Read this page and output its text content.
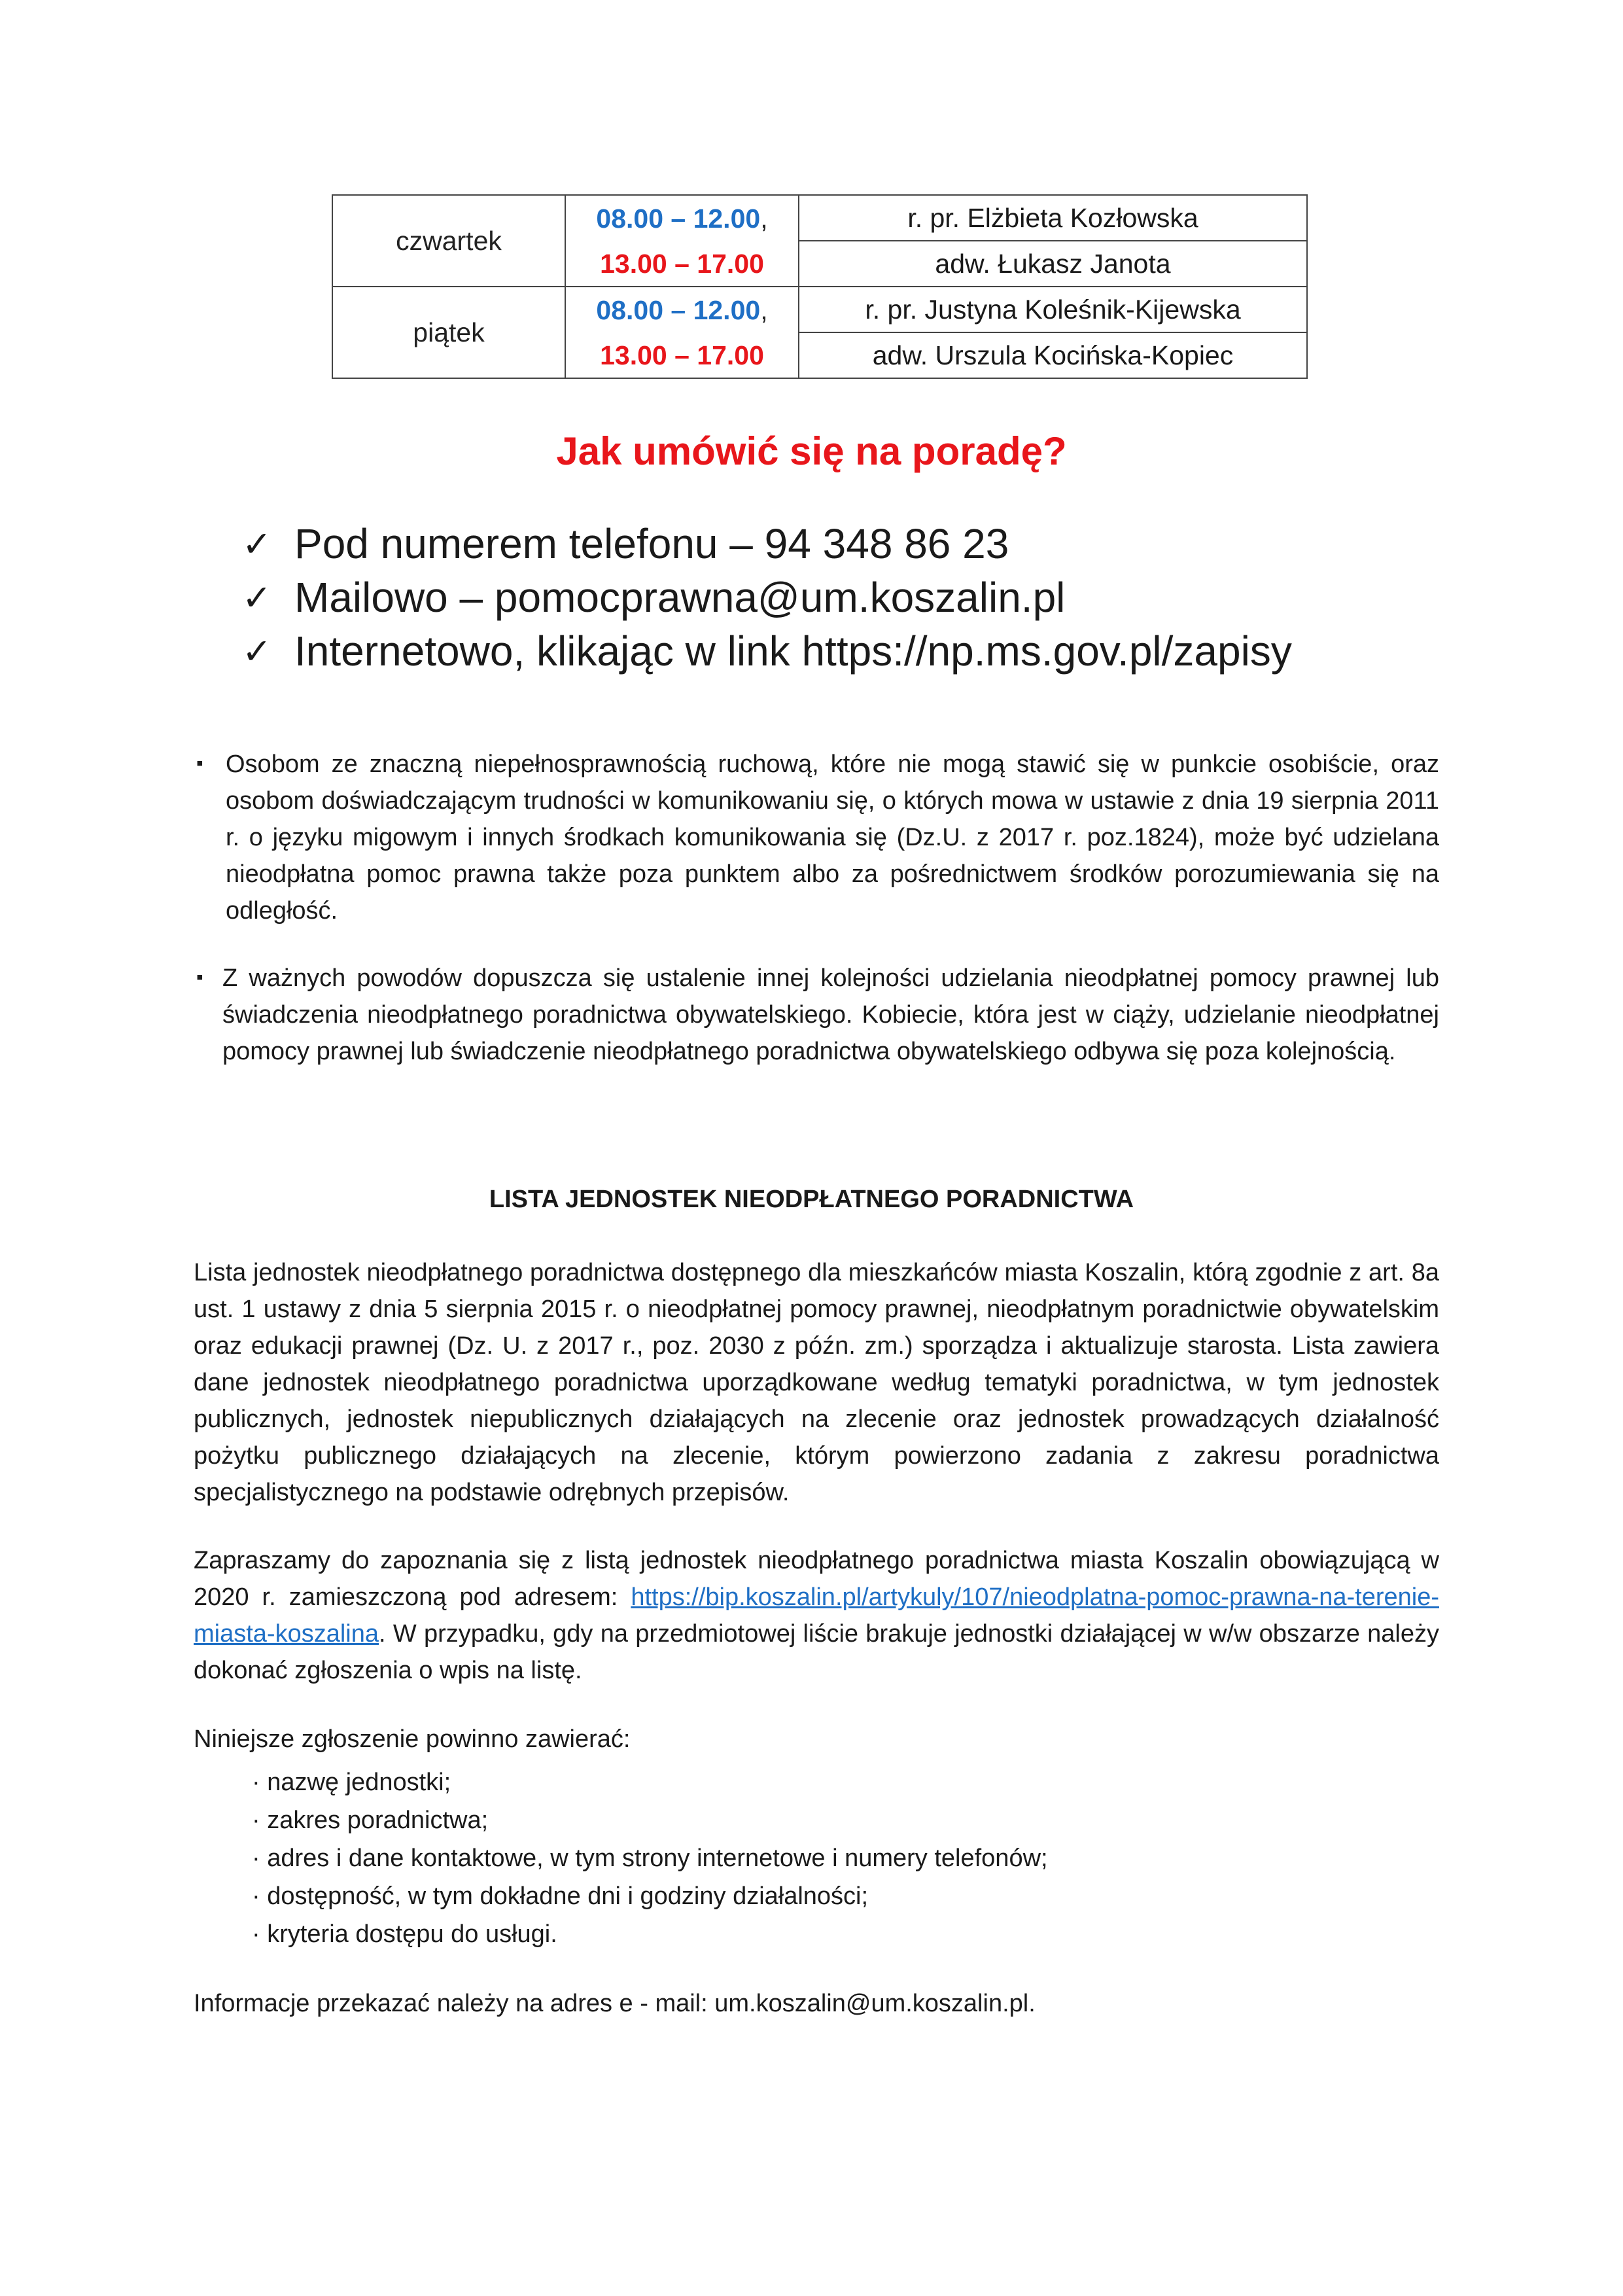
czwartek	08.00 – 12.00,	r. pr. Elżbieta Kozłowska
	13.00 – 17.00	adw. Łukasz Janota
piątek	08.00 – 12.00,	r. pr. Justyna Koleśnik-Kijewska
	13.00 – 17.00	adw. Urszula Kocińska-Kopiec
Jak umówić się na poradę?
✓ Pod numerem telefonu – 94 348 86 23
✓ Mailowo – pomocprawna@um.koszalin.pl
✓ Internetowo, klikając w link https://np.ms.gov.pl/zapisy
▪ Osobom ze znaczną niepełnosprawnością ruchową, które nie mogą stawić się w punkcie osobiście, oraz osobom doświadczającym trudności w komunikowaniu się, o których mowa w ustawie z dnia 19 sierpnia 2011 r. o języku migowym i innych środkach komunikowania się (Dz.U. z 2017 r. poz.1824), może być udzielana nieodpłatna pomoc prawna także poza punktem albo za pośrednictwem środków porozumiewania się na odległość.
▪ Z ważnych powodów dopuszcza się ustalenie innej kolejności udzielania nieodpłatnej pomocy prawnej lub świadczenia nieodpłatnego poradnictwa obywatelskiego. Kobiecie, która jest w ciąży, udzielanie nieodpłatnej pomocy prawnej lub świadczenie nieodpłatnego poradnictwa obywatelskiego odbywa się poza kolejnością.
LISTA JEDNOSTEK NIEODPŁATNEGO PORADNICTWA
Lista jednostek nieodpłatnego poradnictwa dostępnego dla mieszkańców miasta Koszalin, którą zgodnie z art. 8a ust. 1 ustawy z dnia 5 sierpnia 2015 r. o nieodpłatnej pomocy prawnej, nieodpłatnym poradnictwie obywatelskim oraz edukacji prawnej (Dz. U. z 2017 r., poz. 2030 z późn. zm.) sporządza i aktualizuje starosta. Lista zawiera dane jednostek nieodpłatnego poradnictwa uporządkowane według tematyki poradnictwa, w tym jednostek publicznych, jednostek niepublicznych działających na zlecenie oraz jednostek prowadzących działalność pożytku publicznego działających na zlecenie, którym powierzono zadania z zakresu poradnictwa specjalistycznego na podstawie odrębnych przepisów.
Zapraszamy do zapoznania się z listą jednostek nieodpłatnego poradnictwa miasta Koszalin obowiązującą w 2020 r. zamieszczoną pod adresem: https://bip.koszalin.pl/artykuly/107/nieodplatna-pomoc-prawna-na-terenie-miasta-koszalina. W przypadku, gdy na przedmiotowej liście brakuje jednostki działającej w w/w obszarze należy dokonać zgłoszenia o wpis na listę.
Niniejsze zgłoszenie powinno zawierać:
· nazwę jednostki;
· zakres poradnictwa;
· adres i dane kontaktowe, w tym strony internetowe i numery telefonów;
· dostępność, w tym dokładne dni i godziny działalności;
· kryteria dostępu do usługi.
Informacje przekazać należy na adres e - mail: um.koszalin@um.koszalin.pl.
